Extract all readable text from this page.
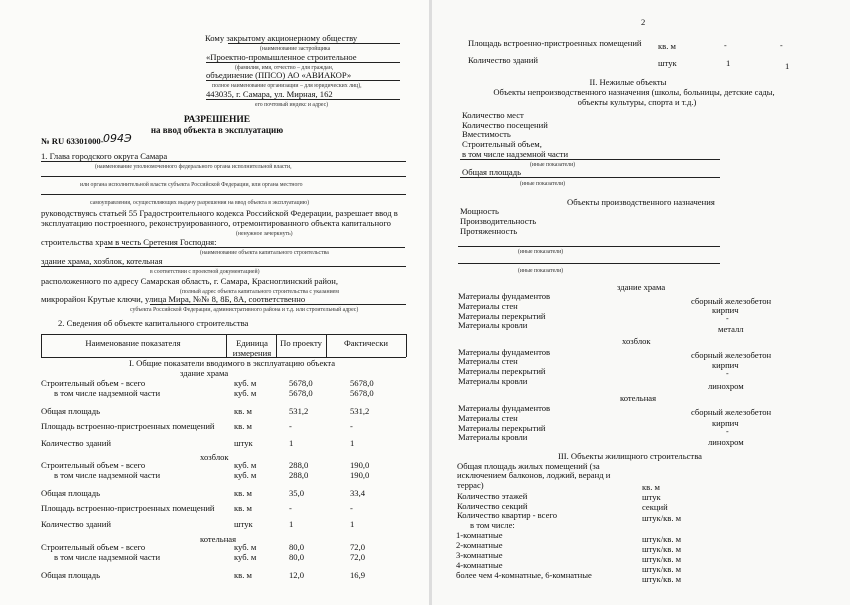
Кому закрытому акционерному обществу
(наименование застройщика
«Проектно-промышленное строительное
(фамилия, имя, отчество – для граждан,
объединение (ППСО) АО «АВИАКОР»
полное наименование организации – для юридических лиц),
443035, г. Самара, ул. Мирная, 162
его почтовый индекс и адрес)
РАЗРЕШЕНИЕ
на ввод объекта в эксплуатацию
№ RU 63301000- 094Э
1. Глава городского округа Самара
(наименование уполномоченного федерального органа исполнительной власти,
или органа исполнительной власти субъекта Российской Федерации, или органа местного
самоуправления, осуществляющих выдачу разрешения на ввод объекта в эксплуатацию)
руководствуясь статьей 55 Градостроительного кодекса Российской Федерации, разрешает ввод в
эксплуатацию построенного, реконструированного, отремонтированного объекта капитального
(ненужное зачеркнуть)
строительства храм в честь Сретения Господня:
(наименование объекта капитального строительства
здание храма, хозблок, котельная
в соответствии с проектной документацией)
расположенного по адресу Самарская область, г. Самара, Красноглинский район,
(полный адрес объекта капитального строительства с указанием
микрорайон Крутые ключи, улица Мира, №№ 8, 8Б, 8А, соответственно
субъекта Российской Федерации, административного района и т.д. или строительный адрес)
2. Сведения об объекте капитального строительства
Наименование показателя	Единица измерения
По проекту	Фактически
I. Общие показатели вводимого в эксплуатацию объекта
здание храма
Строительный объем - всего	куб. м	5678,0	5678,0
в том числе надземной части	куб. м	5678,0	5678,0
Общая площадь	кв. м	531,2	531,2
Площадь встроенно-пристроенных помещений кв. м	-	-
Количество зданий	штук	1	1
хозблок
Строительный объем - всего	куб. м	288,0	190,0
в том числе надземной части	куб. м	288,0	190,0
Общая площадь	кв. м	35,0	33,4
Площадь встроенно-пристроенных помещений кв. м	-	-
Количество зданий	штук	1	1
котельная
Строительный объем - всего	куб. м	80,0	72,0
в том числе надземной части	куб. м	80,0	72,0
Общая площадь	кв. м	12,0	16,9
2
Площадь встроенно-пристроенных помещений кв. м	-	-
Количество зданий	штук	1	1
II. Нежилые объекты
Объекты непроизводственного назначения (школы, больницы, детские сады,
объекты культуры, спорта и т.д.)
Количество мест
Количество посещений
Вместимость
Строительный объем,
в том числе надземной части
(иные показатели)
Общая площадь
(иные показатели)
Объекты производственного назначения
Мощность
Производительность
Протяженность
(иные показатели)
(иные показатели)
здание храма
Материалы фундаментов	сборный железобетон
Материалы стен	кирпич
Материалы перекрытий	-
Материалы кровли	металл
хозблок
Материалы фундаментов	сборный железобетон
Материалы стен	кирпич
Материалы перекрытий	-
Материалы кровли	линохром
котельная
Материалы фундаментов	сборный железобетон
Материалы стен	кирпич
Материалы перекрытий	-
Материалы кровли	линохром
III. Объекты жилищного строительства
Общая площадь жилых помещений (за
исключением балконов, лоджий, веранд и
террас)	кв. м
Количество этажей	штук
Количество секций	секций
Количество квартир - всего	штук/кв. м
в том числе:
1-комнатные	штук/кв. м
2-комнатные	штук/кв. м
3-комнатные	штук/кв. м
4-комнатные	штук/кв. м
более чем 4-комнатные, 6-комнатные	штук/кв. м
